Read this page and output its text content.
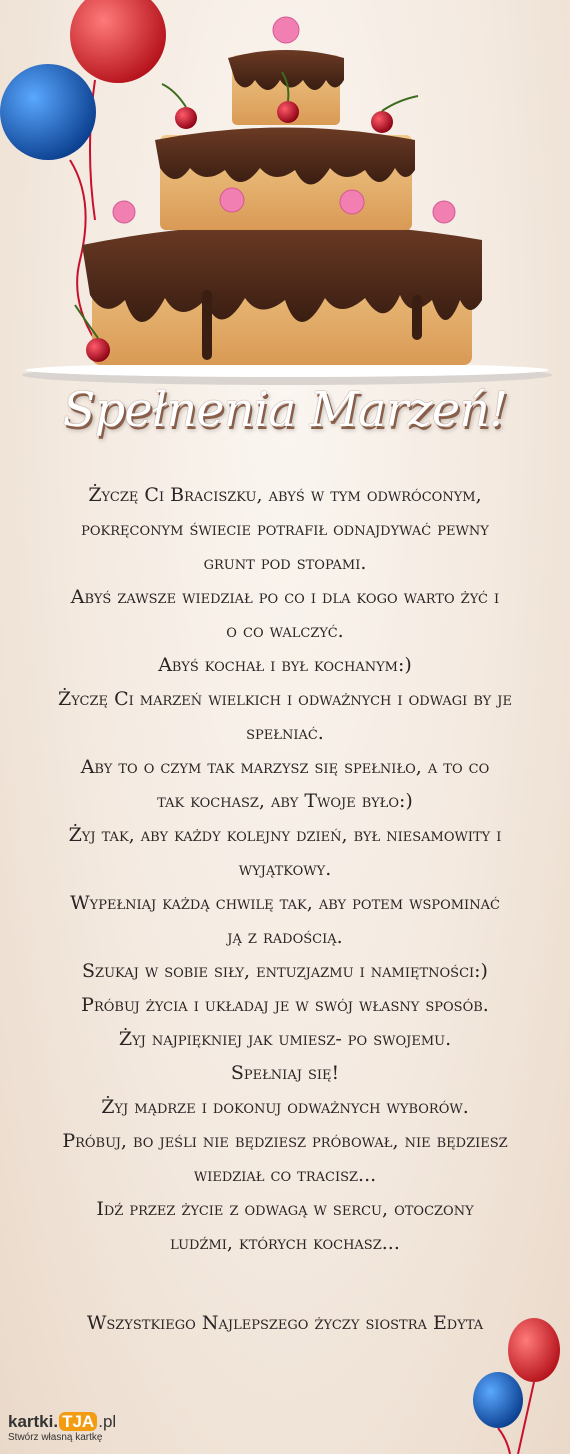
Spełnenia Marzeń!

Życzę Ci Braciszku, abyś w tym odwróconym,

pokręconym świecie potrafił odnajdywać pewny

grunt pod stopami.

Abyś zawsze wiedział po co i dla kogo warto żyć i

o co walczyć.

Abyś kochał i był kochanym:)

Życzę Ci marzeń wielkich i odważnych i odwagi by je

spełniać.

Aby to o czym tak marzysz się spełniło, a to co

tak kochasz, aby Twoje było:)

Żyj tak, aby każdy kolejny dzień, był niesamowity i

wyjątkowy.

Wypełniaj każdą chwilę tak, aby potem wspominać

ją z radością.

Szukaj w sobie siły, entuzjazmu i namiętności:)

Próbuj życia i układaj je w swój własny sposób.

Żyj najpiękniej jak umiesz- po swojemu.

Spełniaj się!

Żyj mądrze i dokonuj odważnych wyborów.

Próbuj, bo jeśli nie będziesz próbował, nie będziesz

wiedział co tracisz...

Idź przez życie z odwagą w sercu, otoczony

ludźmi, których kochasz...

Wszystkiego Najlepszego życzy siostra Edyta
kartki. TJA .pl
Stwórz własną kartkę
